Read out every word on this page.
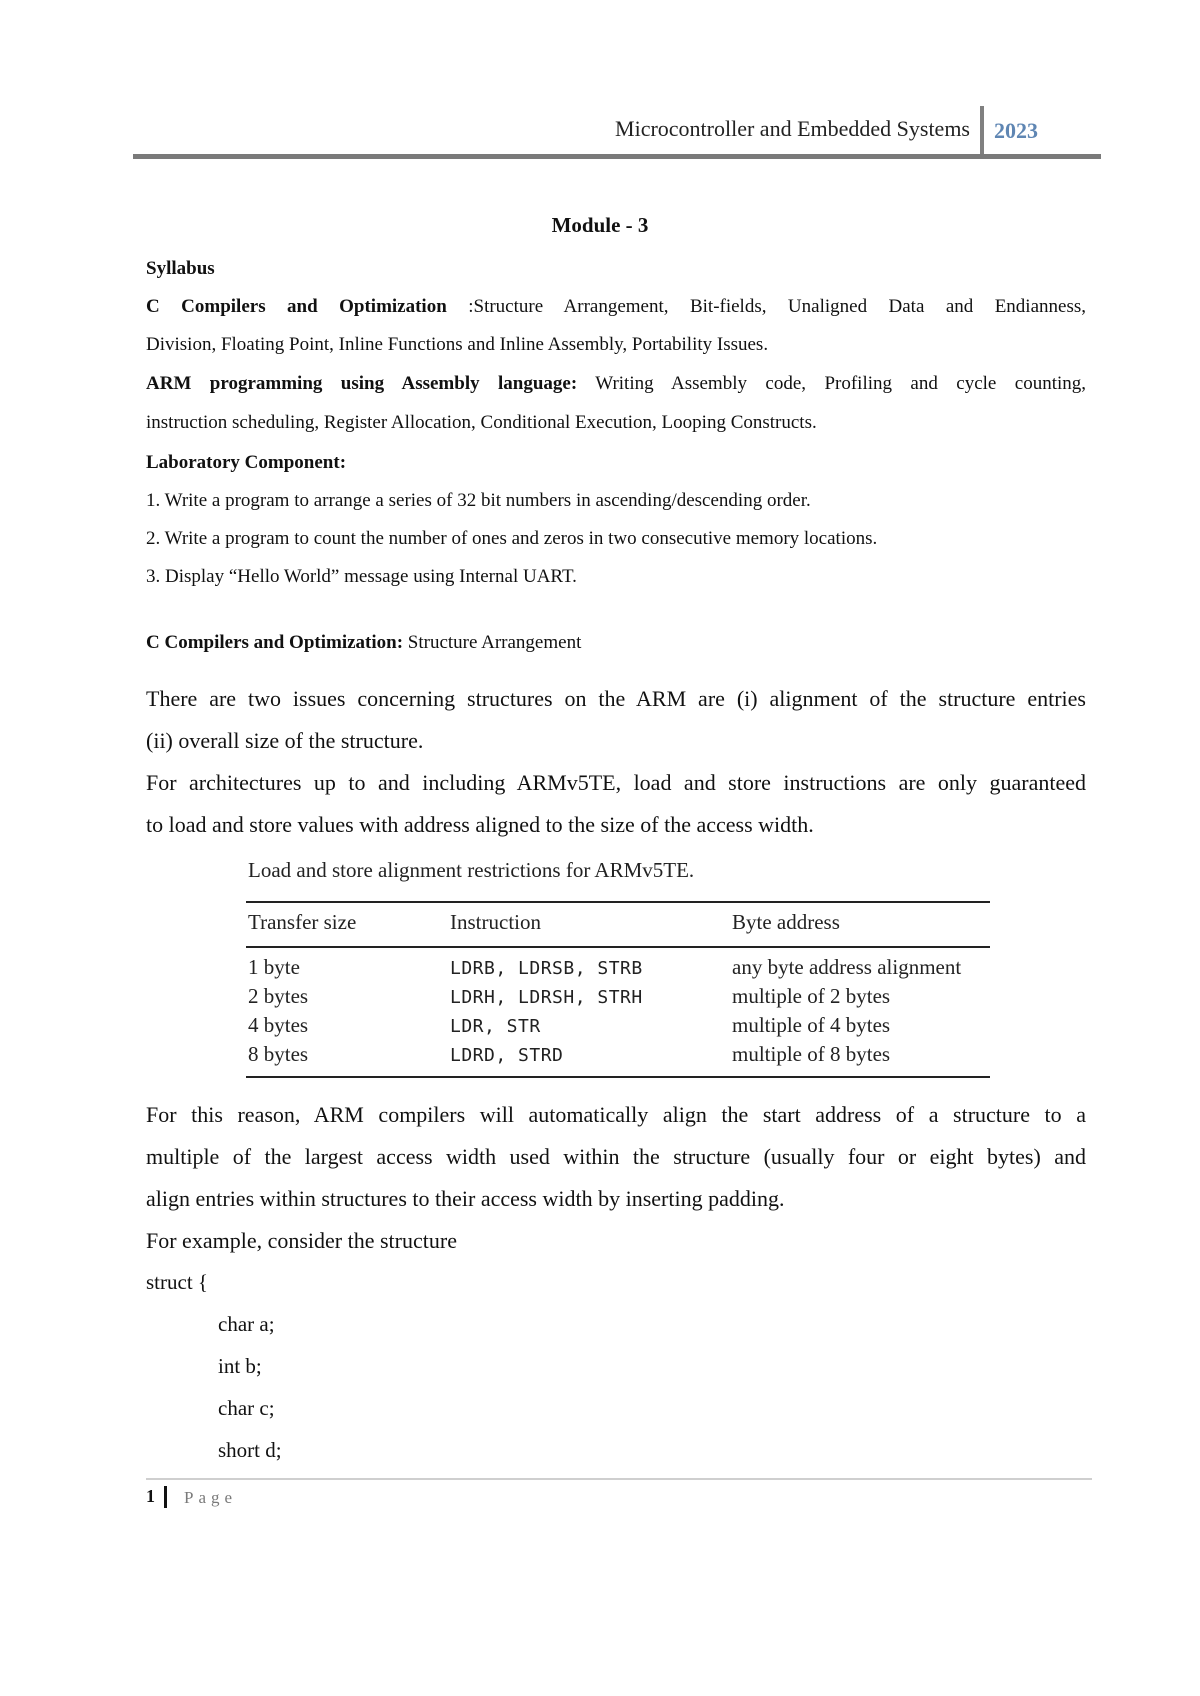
Microcontroller and Embedded Systems 2023
Module - 3
Syllabus
C Compilers and Optimization :Structure Arrangement, Bit-fields, Unaligned Data and Endianness,
Division, Floating Point, Inline Functions and Inline Assembly, Portability Issues.
ARM programming using Assembly language: Writing Assembly code, Profiling and cycle counting,
instruction scheduling, Register Allocation, Conditional Execution, Looping Constructs.
Laboratory Component:
1. Write a program to arrange a series of 32 bit numbers in ascending/descending order.
2. Write a program to count the number of ones and zeros in two consecutive memory locations.
3. Display “Hello World” message using Internal UART.
C Compilers and Optimization: Structure Arrangement
There are two issues concerning structures on the ARM are (i) alignment of the structure entries
(ii) overall size of the structure.
For architectures up to and including ARMv5TE, load and store instructions are only guaranteed
to load and store values with address aligned to the size of the access width.
Load and store alignment restrictions for ARMv5TE.
Transfer size	Instruction	Byte address
1 byte	LDRB, LDRSB, STRB	any byte address alignment
2 bytes	LDRH, LDRSH, STRH	multiple of 2 bytes
4 bytes	LDR, STR	multiple of 4 bytes
8 bytes	LDRD, STRD	multiple of 8 bytes
For this reason, ARM compilers will automatically align the start address of a structure to a
multiple of the largest access width used within the structure (usually four or eight bytes) and
align entries within structures to their access width by inserting padding.
For example, consider the structure
struct {
char a;
int b;
char c;
short d;
1 Page
